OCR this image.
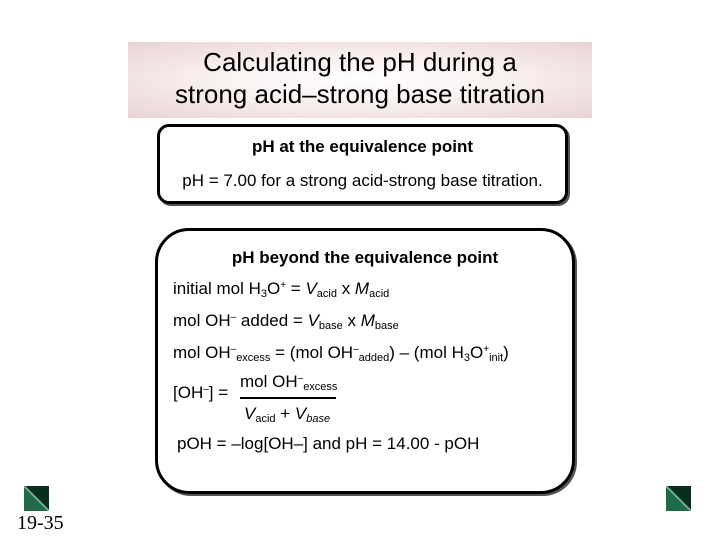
Calculating the pH during a
strong acid–strong base titration
pH at the equivalence point
pH = 7.00 for a strong acid-strong base titration.
pH beyond the equivalence point
initial mol $H_3O^+ = V_{acid}$ x $M_{acid}$
mol OH– added = $V_{base}$ x $M_{base}$
mol $OH^-_{excess} = (mol$ $OH^-_{added}) - (mol$ $H_3O^+_{init}$)
[OH–] =
mol $OH^-_{excess}$
$V_{acid} + V_{base}$
pOH = –log[OH–] and pH = 14.00 - pOH
19-35
